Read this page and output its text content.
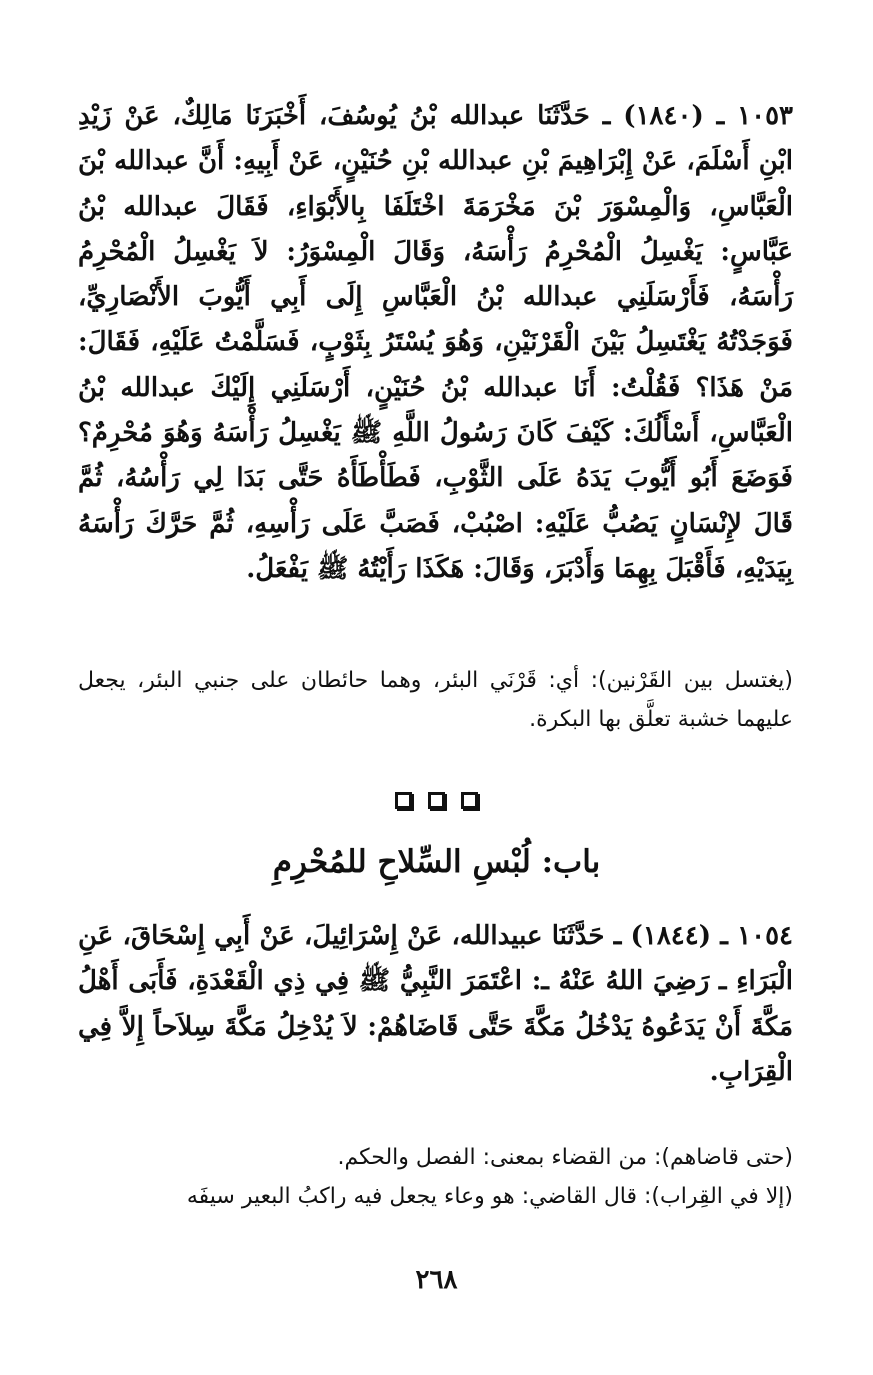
١٠٥٣ ـ (١٨٤٠) ـ حَدَّثَنَا عبدالله بْنُ يُوسُفَ، أَخْبَرَنَا مَالِكٌ، عَنْ زَيْدِ ابْنِ أَسْلَمَ، عَنْ إِبْرَاهِيمَ بْنِ عبدالله بْنِ حُنَيْنٍ، عَنْ أَبِيهِ: أَنَّ عبدالله بْنَ الْعَبَّاسِ، وَالْمِسْوَرَ بْنَ مَخْرَمَةَ اخْتَلَفَا بِالأَبْوَاءِ، فَقَالَ عبدالله بْنُ عَبَّاسٍ: يَغْسِلُ الْمُحْرِمُ رَأْسَهُ، وَقَالَ الْمِسْوَرُ: لاَ يَغْسِلُ الْمُحْرِمُ رَأْسَهُ، فَأَرْسَلَنِي عبدالله بْنُ الْعَبَّاسِ إِلَى أَبِي أَيُّوبَ الأَنْصَارِيِّ، فَوَجَدْتُهُ يَغْتَسِلُ بَيْنَ الْقَرْنَيْنِ، وَهُوَ يُسْتَرُ بِثَوْبٍ، فَسَلَّمْتُ عَلَيْهِ، فَقَالَ: مَنْ هَذَا؟ فَقُلْتُ: أَنَا عبدالله بْنُ حُنَيْنٍ، أَرْسَلَنِي إِلَيْكَ عبدالله بْنُ الْعَبَّاسِ، أَسْأَلُكَ: كَيْفَ كَانَ رَسُولُ اللَّهِ ﷺ يَغْسِلُ رَأْسَهُ وَهُوَ مُحْرِمٌ؟ فَوَضَعَ أَبُو أَيُّوبَ يَدَهُ عَلَى الثَّوْبِ، فَطَأْطَأَهُ حَتَّى بَدَا لِي رَأْسُهُ، ثُمَّ قَالَ لإِنْسَانٍ يَصُبُّ عَلَيْهِ: اصْبُبْ، فَصَبَّ عَلَى رَأْسِهِ، ثُمَّ حَرَّكَ رَأْسَهُ بِيَدَيْهِ، فَأَقْبَلَ بِهِمَا وَأَدْبَرَ، وَقَالَ: هَكَذَا رَأَيْتُهُ ﷺ يَفْعَلُ.

(يغتسل بين القَرْنين): أي: قَرْنَي البئر، وهما حائطان على جنبي البئر، يجعل عليهما خشبة تعلَّق بها البكرة.

باب: لُبْسِ السِّلاحِ للمُحْرِمِ

١٠٥٤ ـ (١٨٤٤) ـ حَدَّثَنَا عبيدالله، عَنْ إِسْرَائِيلَ، عَنْ أَبِي إِسْحَاقَ، عَنِ الْبَرَاءِ ـ رَضِيَ اللهُ عَنْهُ ـ: اعْتَمَرَ النَّبِيُّ ﷺ فِي ذِي الْقَعْدَةِ، فَأَبَى أَهْلُ مَكَّةَ أَنْ يَدَعُوهُ يَدْخُلُ مَكَّةَ حَتَّى قَاضَاهُمْ: لاَ يُدْخِلُ مَكَّةَ سِلاَحاً إِلاَّ فِي الْقِرَابِ.

(حتى قاضاهم): من القضاء بمعنى: الفصل والحكم.
(إلا في القِراب): قال القاضي: هو وعاء يجعل فيه راكبُ البعير سيفَه
٢٦٨
